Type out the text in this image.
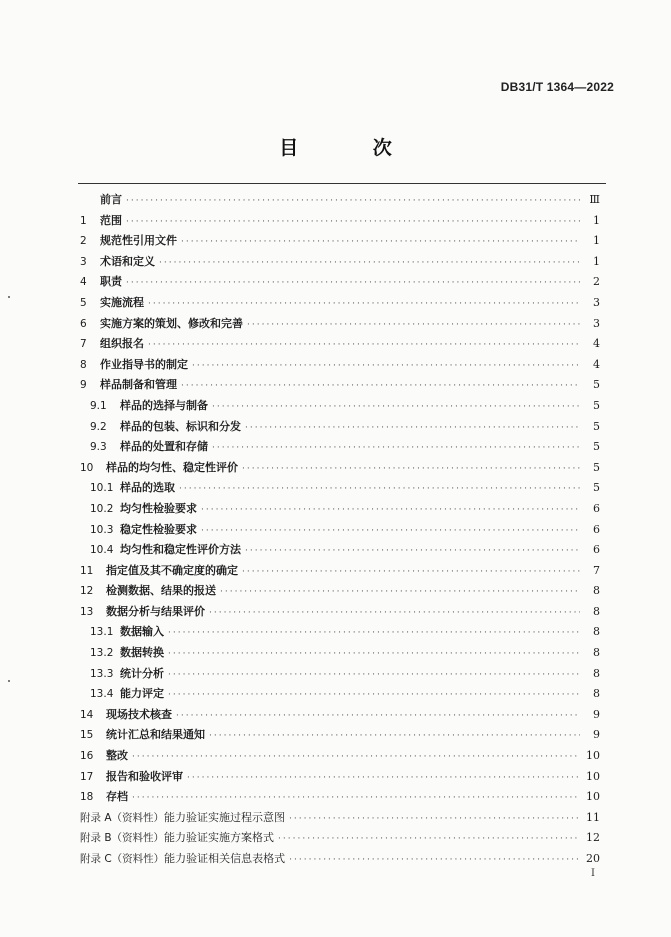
DB31/T 1364—2022
目 次
前言 ·····	Ⅲ
1	范围 ·····	1
2	规范性引用文件 ·····	1
3	术语和定义 ·····	1
4	职责 ·····	2
5	实施流程 ·····	3
6	实施方案的策划、修改和完善 ·····	3
7	组织报名 ·····	4
8	作业指导书的制定 ·····	4
9	样品制备和管理 ·····	5
9.1	样品的选择与制备 ·····	5
9.2	样品的包装、标识和分发 ·····	5
9.3	样品的处置和存储 ·····	5
10	样品的均匀性、稳定性评价 ·····	5
10.1 样品的选取 ·····	5
10.2 均匀性检验要求 ·····	6
10.3 稳定性检验要求 ·····	6
10.4 均匀性和稳定性评价方法 ·····	6
11	指定值及其不确定度的确定 ·····	7
12	检测数据、结果的报送 ·····	8
13	数据分析与结果评价 ·····	8
13.1 数据输入 ·····	8
13.2 数据转换 ·····	8
13.3 统计分析 ·····	8
13.4 能力评定 ·····	8
14	现场技术核查 ·····	9
15	统计汇总和结果通知 ·····	9
16	整改 ·····	10
17	报告和验收评审 ·····	10
18	存档 ·····	10
附录 A（资料性） 能力验证实施过程示意图 ·····	11
附录 B（资料性） 能力验证实施方案格式 ·····	12
附录 C（资料性） 能力验证相关信息表格式 ·····	20
I
